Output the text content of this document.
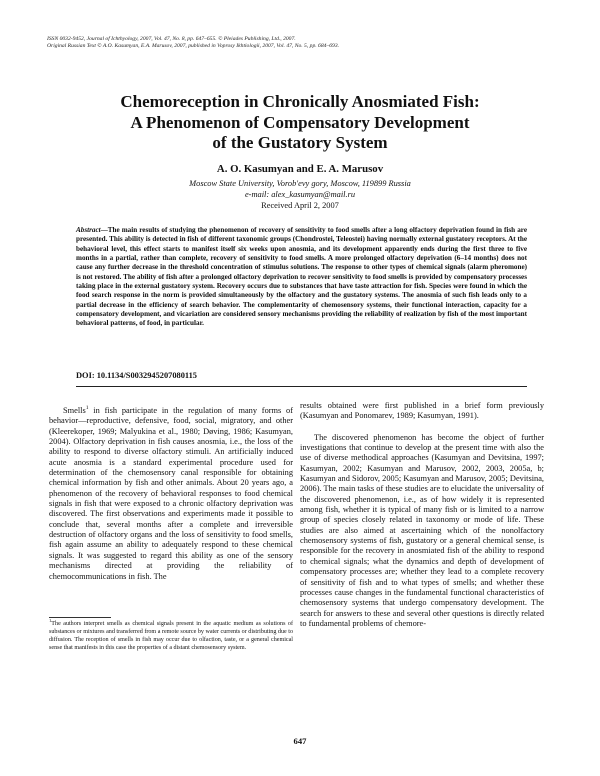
ISSN 0032-9452, Journal of Ichthyology, 2007, Vol. 47, No. 8, pp. 647–655. © Pleiades Publishing, Ltd., 2007.
Original Russian Text © A.O. Kasumyan, E.A. Marusov, 2007, published in Voprosy Ikhtiologii, 2007, Vol. 47, No. 5, pp. 684–693.
Chemoreception in Chronically Anosmiated Fish:
A Phenomenon of Compensatory Development
of the Gustatory System
A. O. Kasumyan and E. A. Marusov
Moscow State University, Vorob'evy gory, Moscow, 119899 Russia
e-mail: alex_kasumyan@mail.ru
Received April 2, 2007
Abstract—The main results of studying the phenomenon of recovery of sensitivity to food smells after a long olfactory deprivation found in fish are presented. This ability is detected in fish of different taxonomic groups (Chondrostei, Teleostei) having normally external gustatory receptors. At the behavioral level, this effect starts to manifest itself six weeks upon anosmia, and its development apparently ends during the first three to five months in a partial, rather than complete, recovery of sensitivity to food smells. A more prolonged olfactory deprivation (6–14 months) does not cause any further decrease in the threshold concentration of stimulus solutions. The response to other types of chemical signals (alarm pheromone) is not restored. The ability of fish after a prolonged olfactory deprivation to recover sensitivity to food smells is provided by compensatory processes taking place in the external gustatory system. Recovery occurs due to substances that have taste attraction for fish. Species were found in which the food search response in the norm is provided simultaneously by the olfactory and the gustatory systems. The anosmia of such fish leads only to a partial decrease in the efficiency of search behavior. The complementarity of chemosensory systems, their functional interaction, capacity for a compensatory development, and vicariation are considered sensory mechanisms providing the reliability of realization by fish of the most important behavioral patterns, of food, in particular.
DOI: 10.1134/S0032945207080115

Smells$^1$ in fish participate in the regulation of many forms of behavior—reproductive, defensive, food, social, migratory, and other (Kleerekoper, 1969; Malyukina et al., 1980; Døving, 1986; Kasumyan, 2004). Olfactory deprivation in fish causes anosmia, i.e., the loss of the ability to respond to diverse olfactory stimuli. An artificially induced acute anosmia is a standard experimental procedure used for determination of the chemosensory canal responsible for obtaining chemical information by fish and other animals. About 20 years ago, a phenomenon of the recovery of behavioral responses to food chemical signals in fish that were exposed to a chronic olfactory deprivation was discovered. The first observations and experiments made it possible to conclude that, several months after a complete and irreversible destruction of olfactory organs and the loss of sensitivity to food smells, fish again assume an ability to adequately respond to these chemical signals. It was suggested to regard this ability as one of the sensory mechanisms directed at providing the reliability of chemocommunications in fish. The

results obtained were first published in a brief form previously (Kasumyan and Ponomarev, 1989; Kasumyan, 1991).

The discovered phenomenon has become the object of further investigations that continue to develop at the present time with also the use of diverse methodical approaches (Kasumyan and Devitsina, 1997; Kasumyan, 2002; Kasumyan and Marusov, 2002, 2003, 2005a, b; Kasumyan and Sidorov, 2005; Kasumyan and Marusov, 2005; Devitsina, 2006). The main tasks of these studies are to elucidate the universality of the discovered phenomenon, i.e., as of how widely it is represented among fish, whether it is typical of many fish or is limited to a narrow group of species closely related in taxonomy or mode of life. These studies are also aimed at ascertaining which of the nonolfactory chemosensory systems of fish, gustatory or a general chemical sense, is responsible for the recovery in anosmiated fish of the ability to respond to chemical signals; what the dynamics and depth of development of compensatory processes are; whether they lead to a complete recovery of sensitivity of fish and to what types of smells; and whether these processes cause changes in the fundamental functional characteristics of chemosensory systems that undergo compensatory development. The search for answers to these and several other questions is directly related to fundamental problems of chemore-

$^1$The authors interpret smells as chemical signals present in the aquatic medium as solutions of substances or mixtures and transferred from a remote source by water currents or distributing due to diffusion. The reception of smells in fish may occur due to olfaction, taste, or a general chemical sense that manifests in this case the properties of a distant chemosensory system.
647
